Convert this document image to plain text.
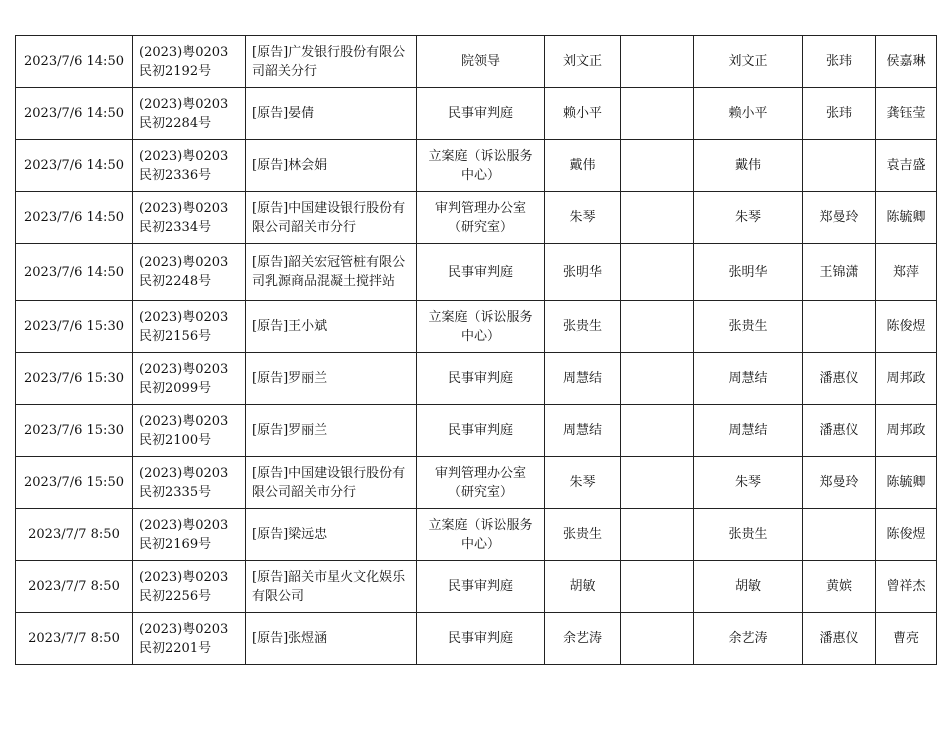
2023/7/6 14:50	(2023)粤0203民初2192号	[原告]广发银行股份有限公司韶关分行	院领导	刘文正		刘文正	张玮	侯嘉琳
2023/7/6 14:50	(2023)粤0203民初2284号	[原告]晏倩	民事审判庭	赖小平		赖小平	张玮	龚钰莹
2023/7/6 14:50	(2023)粤0203民初2336号	[原告]林会娟	立案庭（诉讼服务中心）	戴伟		戴伟		袁吉盛
2023/7/6 14:50	(2023)粤0203民初2334号	[原告]中国建设银行股份有限公司韶关市分行	审判管理办公室（研究室）	朱琴		朱琴	郑曼玲	陈毓卿
2023/7/6 14:50	(2023)粤0203民初2248号	[原告]韶关宏冠管桩有限公司乳源商品混凝土搅拌站	民事审判庭	张明华		张明华	王锦潇	郑萍
2023/7/6 15:30	(2023)粤0203民初2156号	[原告]王小斌	立案庭（诉讼服务中心）	张贵生		张贵生		陈俊煜
2023/7/6 15:30	(2023)粤0203民初2099号	[原告]罗丽兰	民事审判庭	周慧结		周慧结	潘惠仪	周邦政
2023/7/6 15:30	(2023)粤0203民初2100号	[原告]罗丽兰	民事审判庭	周慧结		周慧结	潘惠仪	周邦政
2023/7/6 15:50	(2023)粤0203民初2335号	[原告]中国建设银行股份有限公司韶关市分行	审判管理办公室（研究室）	朱琴		朱琴	郑曼玲	陈毓卿
2023/7/7 8:50	(2023)粤0203民初2169号	[原告]梁远忠	立案庭（诉讼服务中心）	张贵生		张贵生		陈俊煜
2023/7/7 8:50	(2023)粤0203民初2256号	[原告]韶关市星火文化娱乐有限公司	民事审判庭	胡敏		胡敏	黄嫔	曾祥杰
2023/7/7 8:50	(2023)粤0203民初2201号	[原告]张煜涵	民事审判庭	余艺涛		余艺涛	潘惠仪	曹亮
